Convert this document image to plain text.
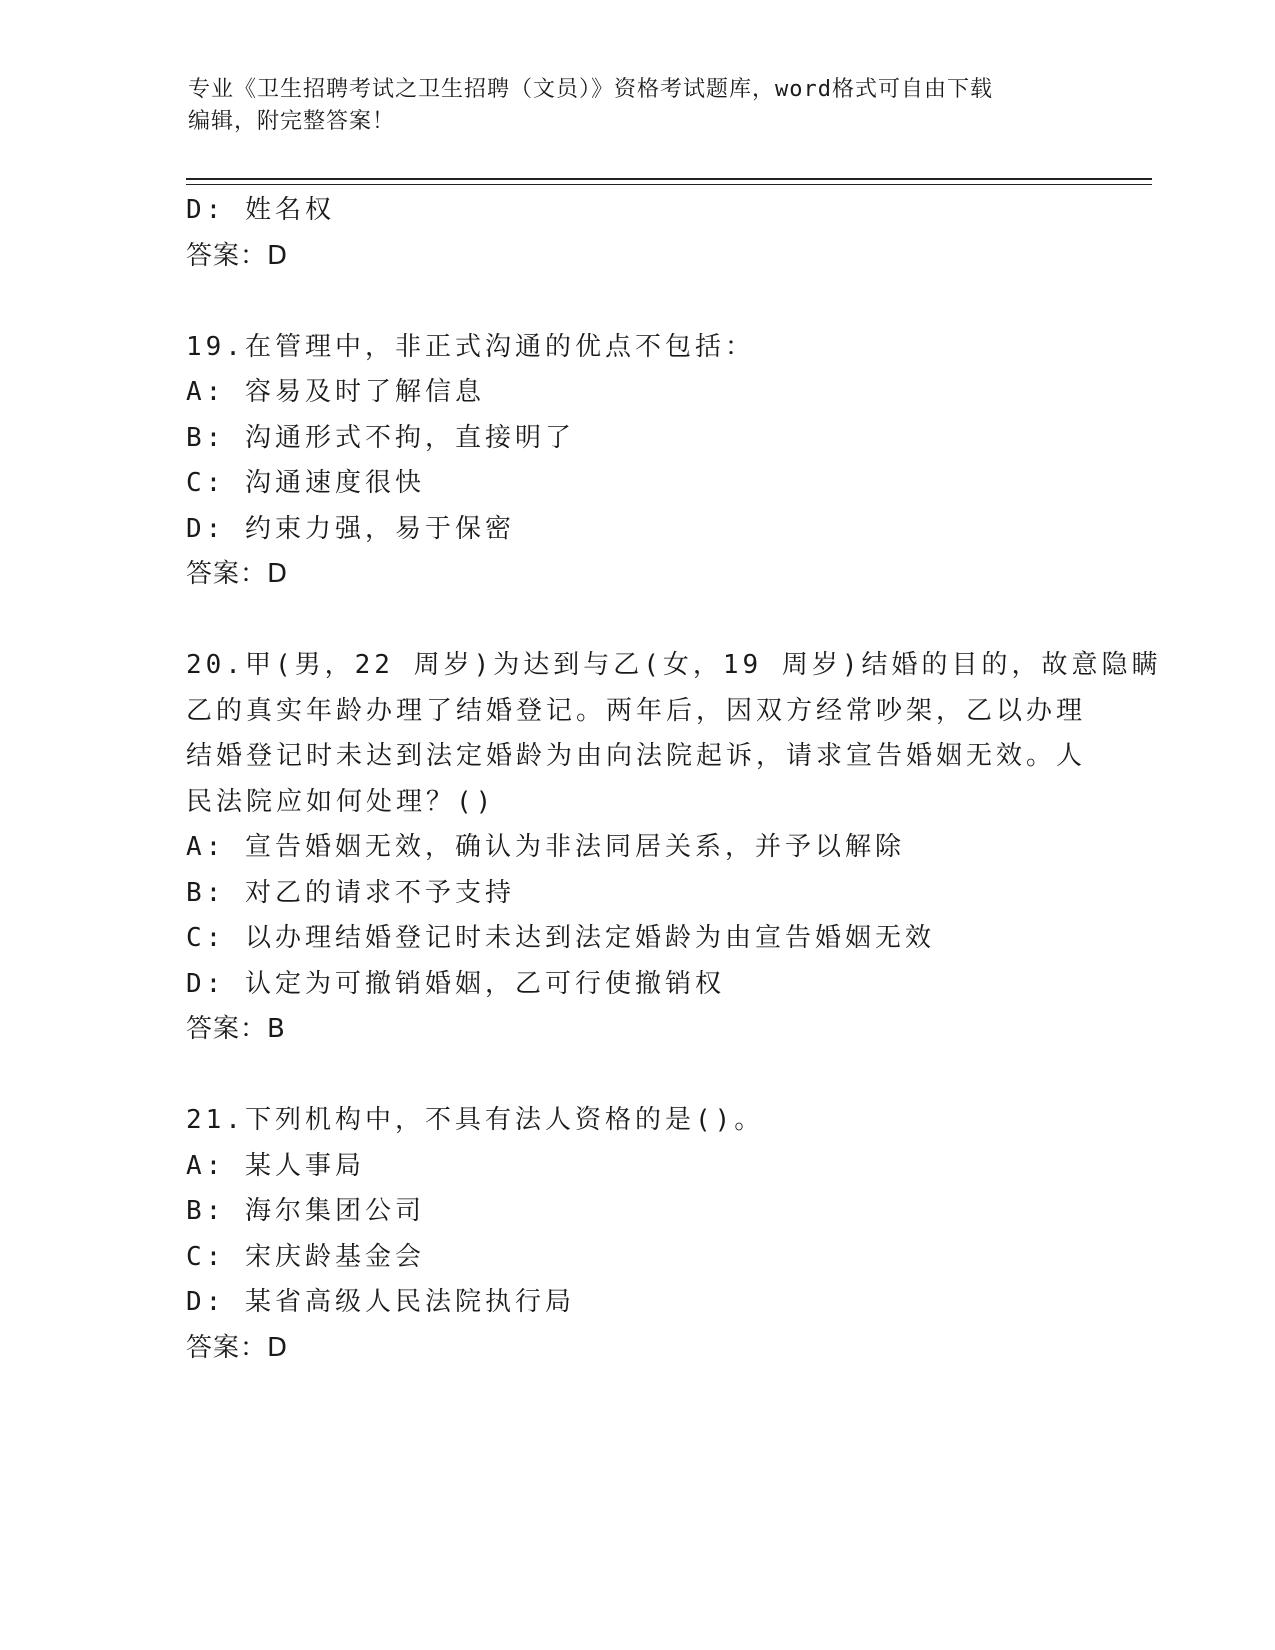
专业《卫生招聘考试之卫生招聘（文员）》资格考试题库，word格式可自由下载
编辑，附完整答案！
D: 姓名权
答案：D
19.在管理中，非正式沟通的优点不包括：
A: 容易及时了解信息
B: 沟通形式不拘，直接明了
C: 沟通速度很快
D: 约束力强，易于保密
答案：D
20.甲(男，22 周岁)为达到与乙(女，19 周岁)结婚的目的，故意隐瞒
乙的真实年龄办理了结婚登记。两年后，因双方经常吵架，乙以办理
结婚登记时未达到法定婚龄为由向法院起诉，请求宣告婚姻无效。人
民法院应如何处理？()
A: 宣告婚姻无效，确认为非法同居关系，并予以解除
B: 对乙的请求不予支持
C: 以办理结婚登记时未达到法定婚龄为由宣告婚姻无效
D: 认定为可撤销婚姻，乙可行使撤销权
答案：B
21.下列机构中，不具有法人资格的是()。
A: 某人事局
B: 海尔集团公司
C: 宋庆龄基金会
D: 某省高级人民法院执行局
答案：D
